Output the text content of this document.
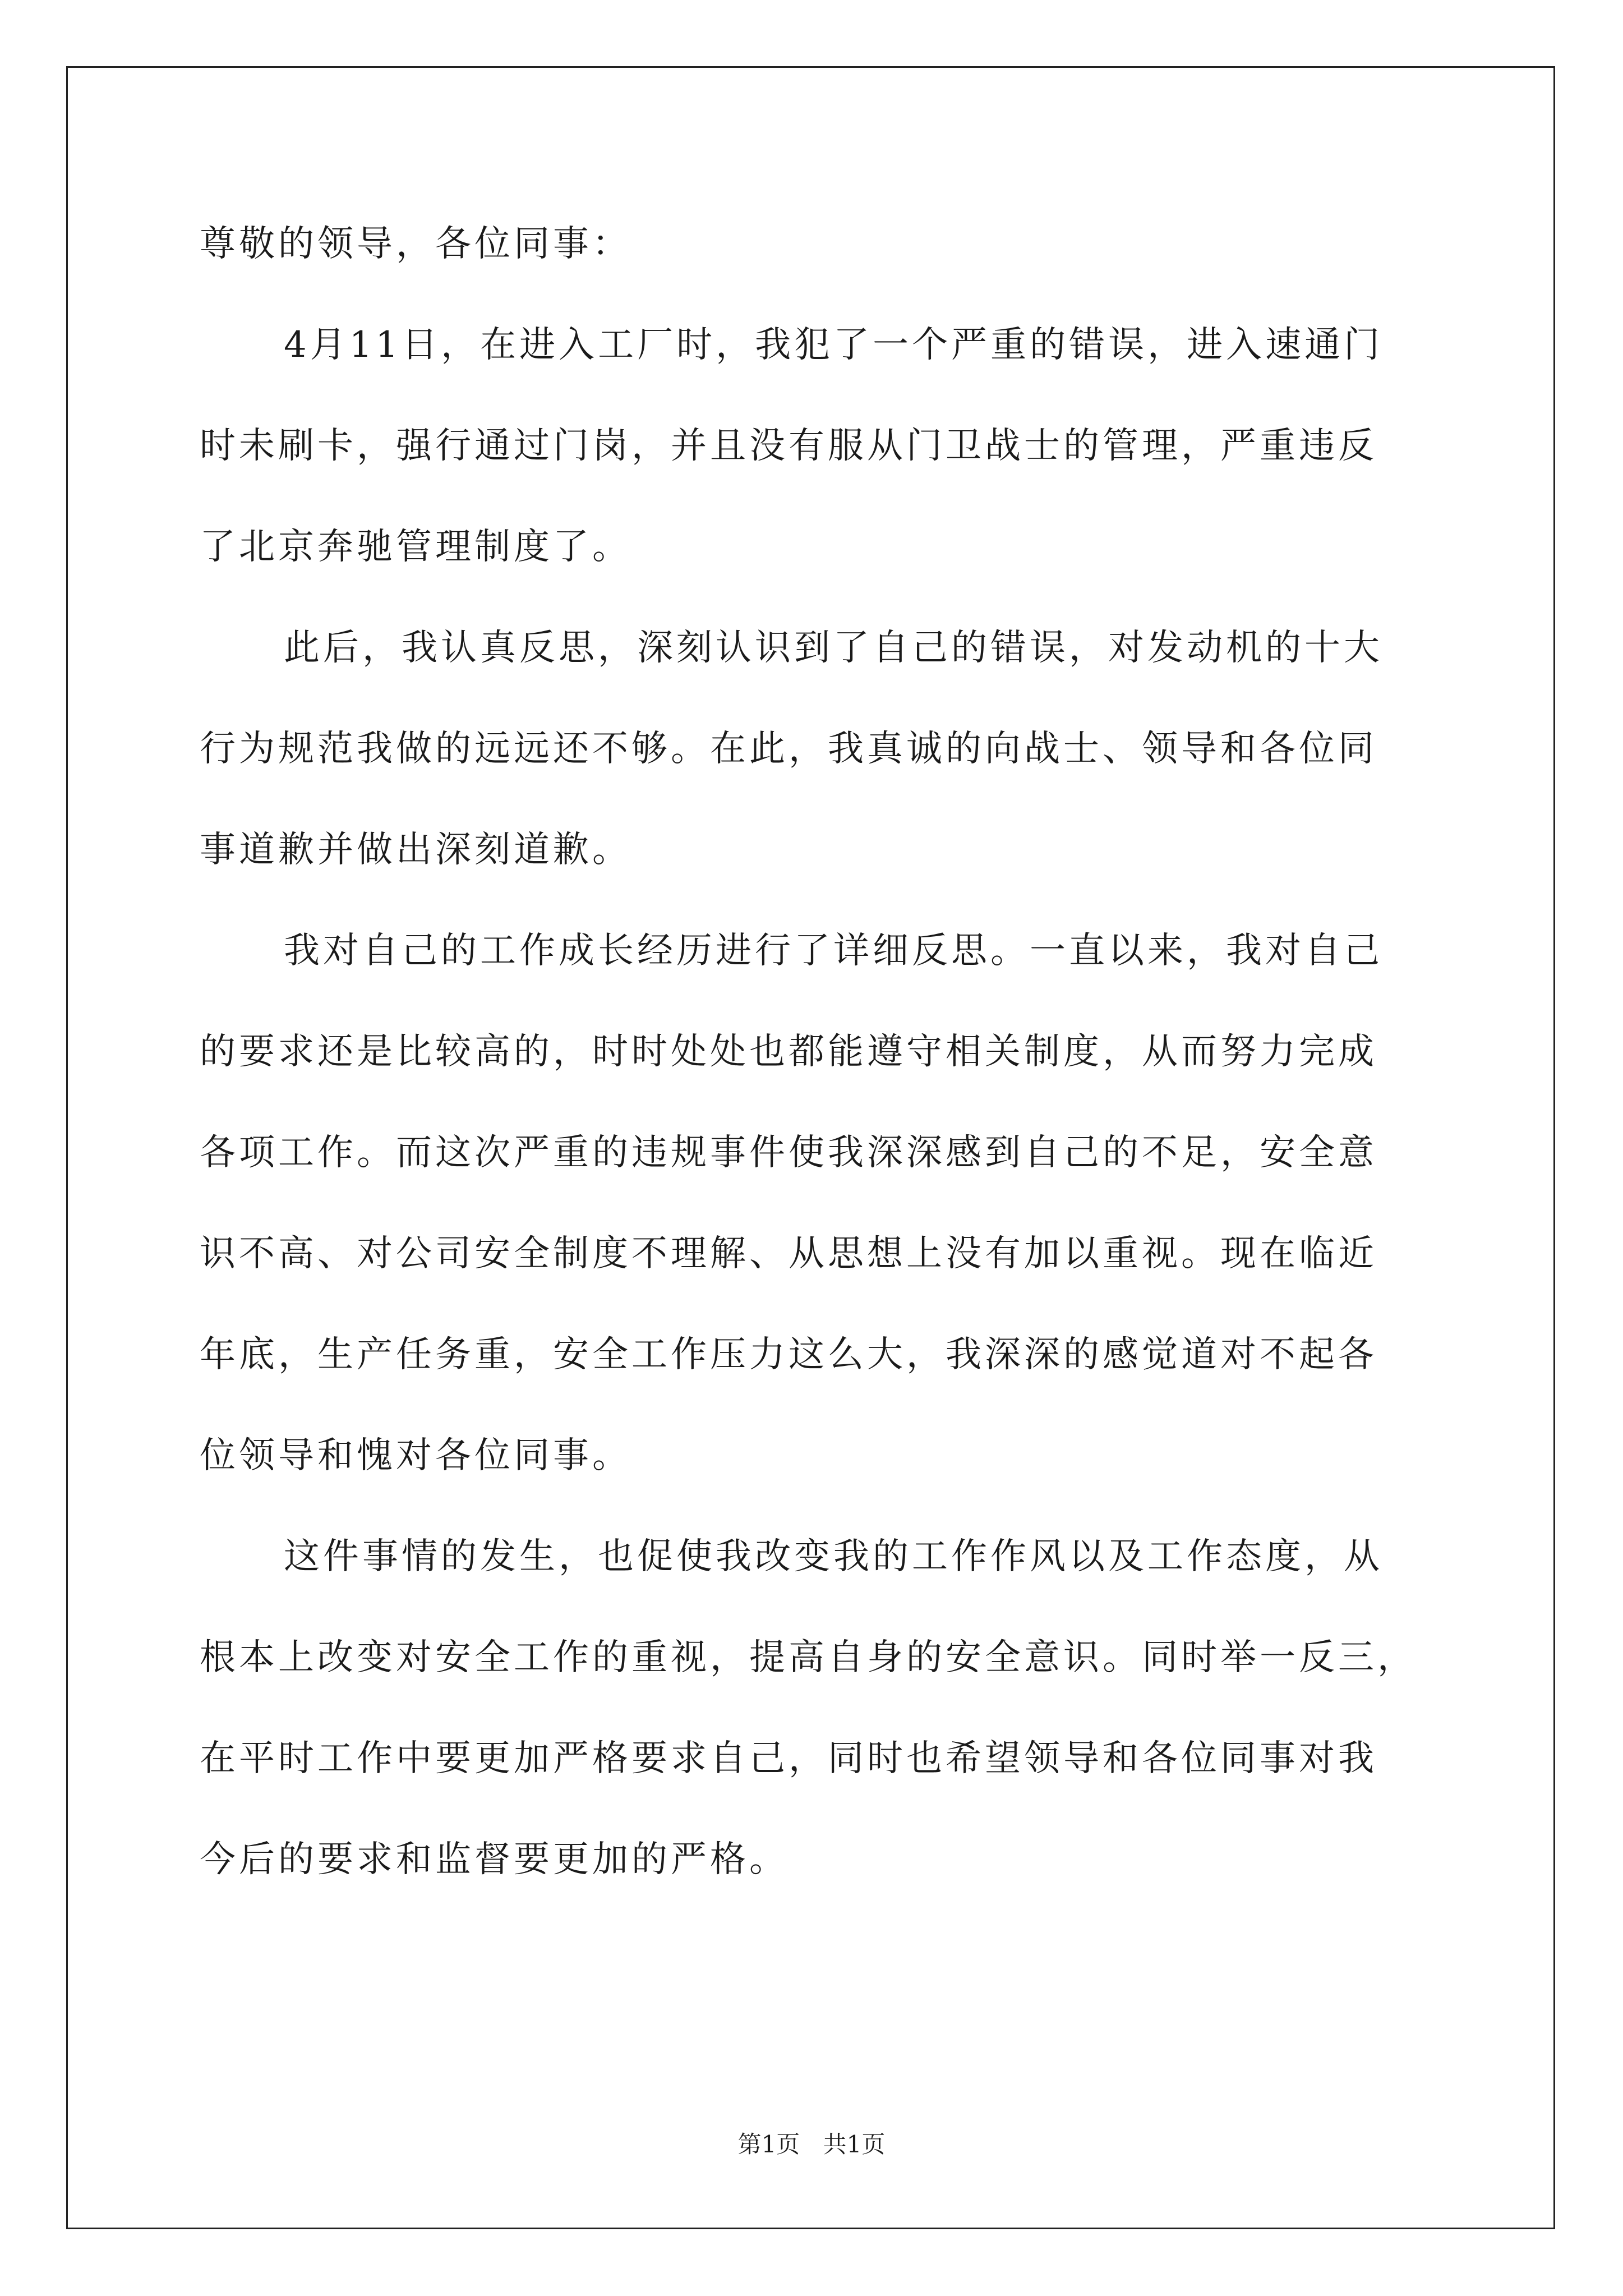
尊敬的领导，各位同事：
4月11日，在进入工厂时，我犯了一个严重的错误，进入速通门
时未刷卡，强行通过门岗，并且没有服从门卫战士的管理，严重违反
了北京奔驰管理制度了。
此后，我认真反思，深刻认识到了自己的错误，对发动机的十大
行为规范我做的远远还不够。在此，我真诚的向战士、领导和各位同
事道歉并做出深刻道歉。
我对自己的工作成长经历进行了详细反思。一直以来，我对自己
的要求还是比较高的，时时处处也都能遵守相关制度，从而努力完成
各项工作。而这次严重的违规事件使我深深感到自己的不足，安全意
识不高、对公司安全制度不理解、从思想上没有加以重视。现在临近
年底，生产任务重，安全工作压力这么大，我深深的感觉道对不起各
位领导和愧对各位同事。
这件事情的发生，也促使我改变我的工作作风以及工作态度，从
根本上改变对安全工作的重视，提高自身的安全意识。同时举一反三，
在平时工作中要更加严格要求自己，同时也希望领导和各位同事对我
今后的要求和监督要更加的严格。
第1页 共1页
